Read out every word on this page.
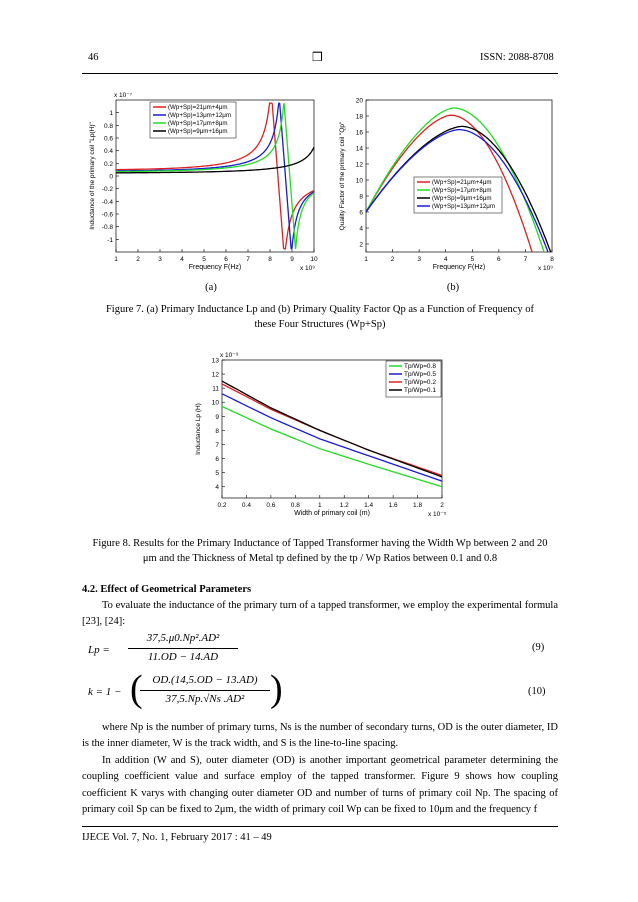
46	❒	ISSN: 2088-8708
1	2	3	4	5	6	7	8	9	10
1
0.8
0.6
0.4
0.2
0
-0.2
-0.4
-0.6
-0.8
-1
Frequency F(Hz)
Inductance of the primary coil "Lp(H)"
x 10⁻⁷
x 10⁹
(Wp+Sp)=21μm+4μm
(Wp+Sp)=13μm+12μm
(Wp+Sp)=17μm+8μm
(Wp+Sp)=9μm+16μm
1	2	3	4	5	6	7	8
20
18
16
14
12
10
8
6
4
2
Frequency F(Hz)
Quality Factor of the primary coil "Qp"
x 10⁹
(Wp+Sp)=21μm+4μm
(Wp+Sp)=17μm+8μm
(Wp+Sp)=9μm+16μm
(Wp+Sp)=13μm+12μm
(a)	(b)
Figure 7. (a) Primary Inductance Lp and (b) Primary Quality Factor Qp as a Function of Frequency of these Four Structures (Wp+Sp)
0.2 0.4 0.6 0.8	1	1.2 1.4 1.6 1.8	2
13
12
11
10
9
8
7
6
5
4
Width of primary coil (m)
Inductance Lp (H)
x 10⁻⁹
x 10⁻⁵
Tp/Wp=0.8
Tp/Wp=0.5
Tp/Wp=0.2
Tp/Wp=0.1
Figure 8. Results for the Primary Inductance of Tapped Transformer having the Width Wp between 2 and 20
μm and the Thickness of Metal tp defined by the tp / Wp Ratios between 0.1 and 0.8
4.2. Effect of Geometrical Parameters
To evaluate the inductance of the primary turn of a tapped transformer, we employ the experimental formula [23], [24]:
Lp =
37,5.μ0.Np².AD²
11.OD − 14.AD
(9)
k = 1 −
OD.(14,5.OD − 13.AD)
37,5.Np.√Ns .AD²
(	)	(10)
where Np is the number of primary turns, Ns is the number of secondary turns, OD is the outer diameter, ID is the inner diameter, W is the track width, and S is the line-to-line spacing.
In addition (W and S), outer diameter (OD) is another important geometrical parameter determining the coupling coefficient value and surface employ of the tapped transformer. Figure 9 shows how coupling coefficient K varys with changing outer diameter OD and number of turns of primary coil Np. The spacing of primary coil Sp can be fixed to 2μm, the width of primary coil Wp can be fixed to 10μm and the frequency f
IJECE Vol. 7, No. 1, February 2017 : 41 – 49
